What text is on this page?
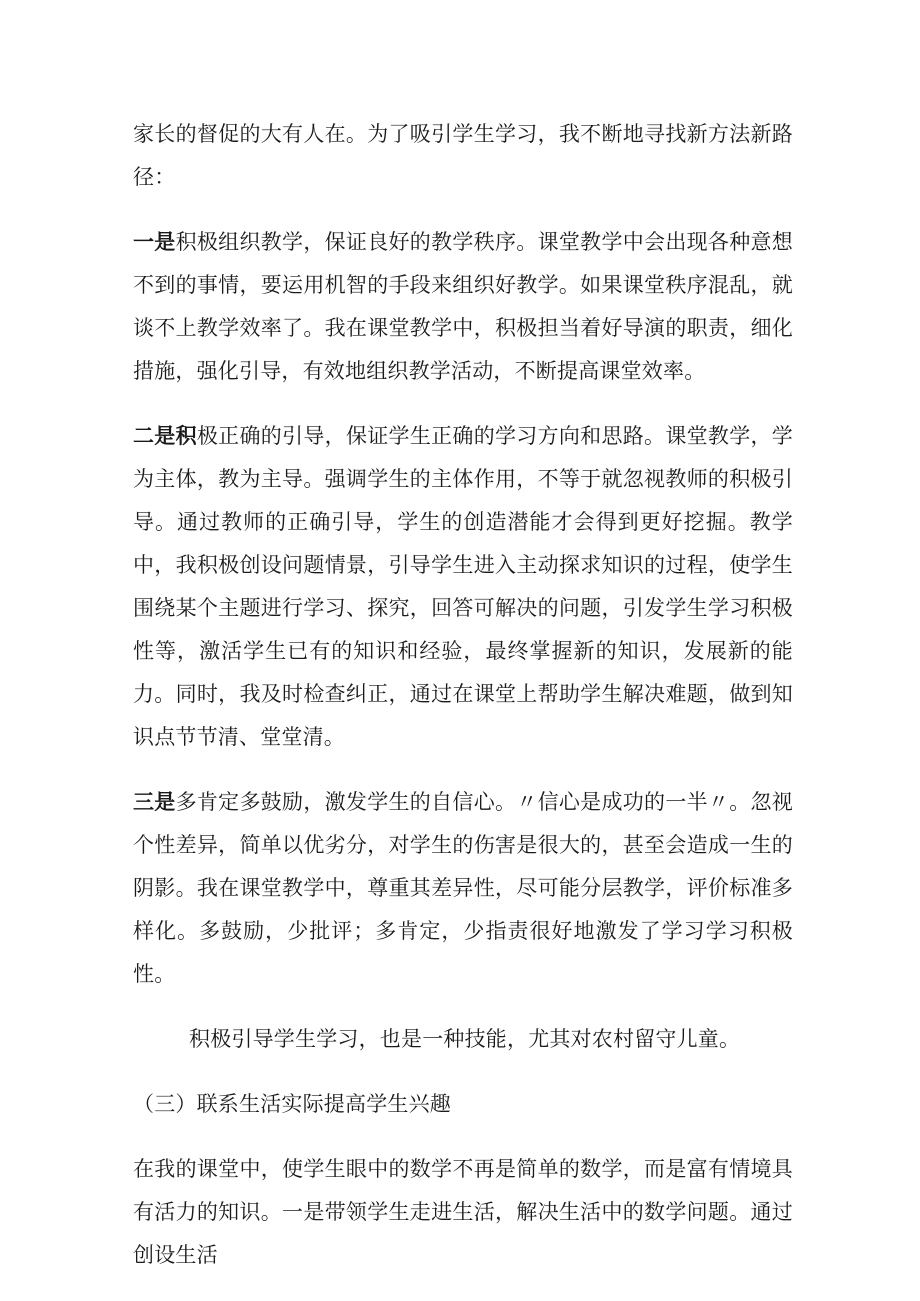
家长的督促的大有人在。为了吸引学生学习，我不断地寻找新方法新路径：

一是积极组织教学，保证良好的教学秩序。课堂教学中会出现各种意想不到的事情，要运用机智的手段来组织好教学。如果课堂秩序混乱，就谈不上教学效率了。我在课堂教学中，积极担当着好导演的职责，细化措施，强化引导，有效地组织教学活动，不断提高课堂效率。

二是积极正确的引导，保证学生正确的学习方向和思路。课堂教学，学为主体，教为主导。强调学生的主体作用，不等于就忽视教师的积极引导。通过教师的正确引导，学生的创造潜能才会得到更好挖掘。教学中，我积极创设问题情景，引导学生进入主动探求知识的过程，使学生围绕某个主题进行学习、探究，回答可解决的问题，引发学生学习积极性等，激活学生已有的知识和经验，最终掌握新的知识，发展新的能力。同时，我及时检查纠正，通过在课堂上帮助学生解决难题，做到知识点节节清、堂堂清。

三是多肯定多鼓励，激发学生的自信心。〃信心是成功的一半〃。忽视个性差异，简单以优劣分，对学生的伤害是很大的，甚至会造成一生的阴影。我在课堂教学中，尊重其差异性，尽可能分层教学，评价标准多样化。多鼓励，少批评；多肯定，少指责很好地激发了学习学习积极性。

积极引导学生学习，也是一种技能，尤其对农村留守儿童。

（三）联系生活实际提高学生兴趣

在我的课堂中，使学生眼中的数学不再是简单的数学，而是富有情境具有活力的知识。一是带领学生走进生活，解决生活中的数学问题。通过创设生活
